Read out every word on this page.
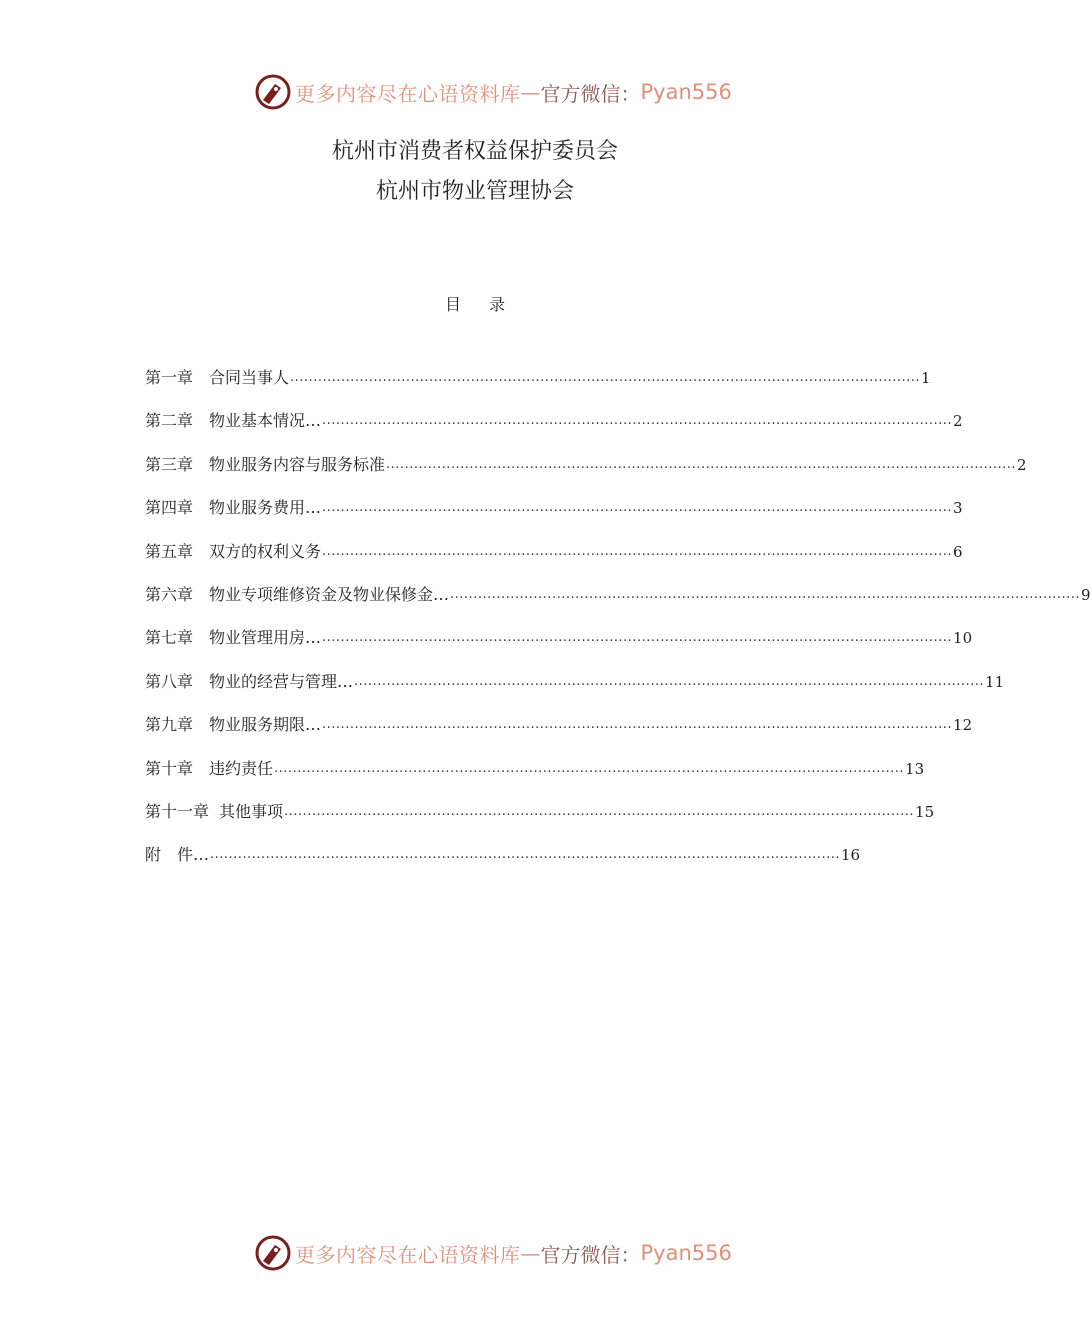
更多内容尽在心语资料库 — 官方微信： Pyan556
杭州市消费者权益保护委员会
杭州市物业管理协会
目 录
第一章 合同当事人 ........................................................................................................................................ 1
第二章 物业基本情况… ........................................................................................................................................ 2
第三章 物业服务内容与服务标准 ........................................................................................................................................ 2
第四章 物业服务费用… ........................................................................................................................................ 3
第五章 双方的权利义务 ........................................................................................................................................ 6
第六章 物业专项维修资金及物业保修金… ........................................................................................................................................ 9
第七章 物业管理用房… ........................................................................................................................................ 10
第八章 物业的经营与管理… ........................................................................................................................................ 11
第九章 物业服务期限… ........................................................................................................................................ 12
第十章 违约责任 ........................................................................................................................................ 13
第十一章 其他事项 ........................................................................................................................................ 15
附　件… ........................................................................................................................................ 16
更多内容尽在心语资料库 — 官方微信： Pyan556
